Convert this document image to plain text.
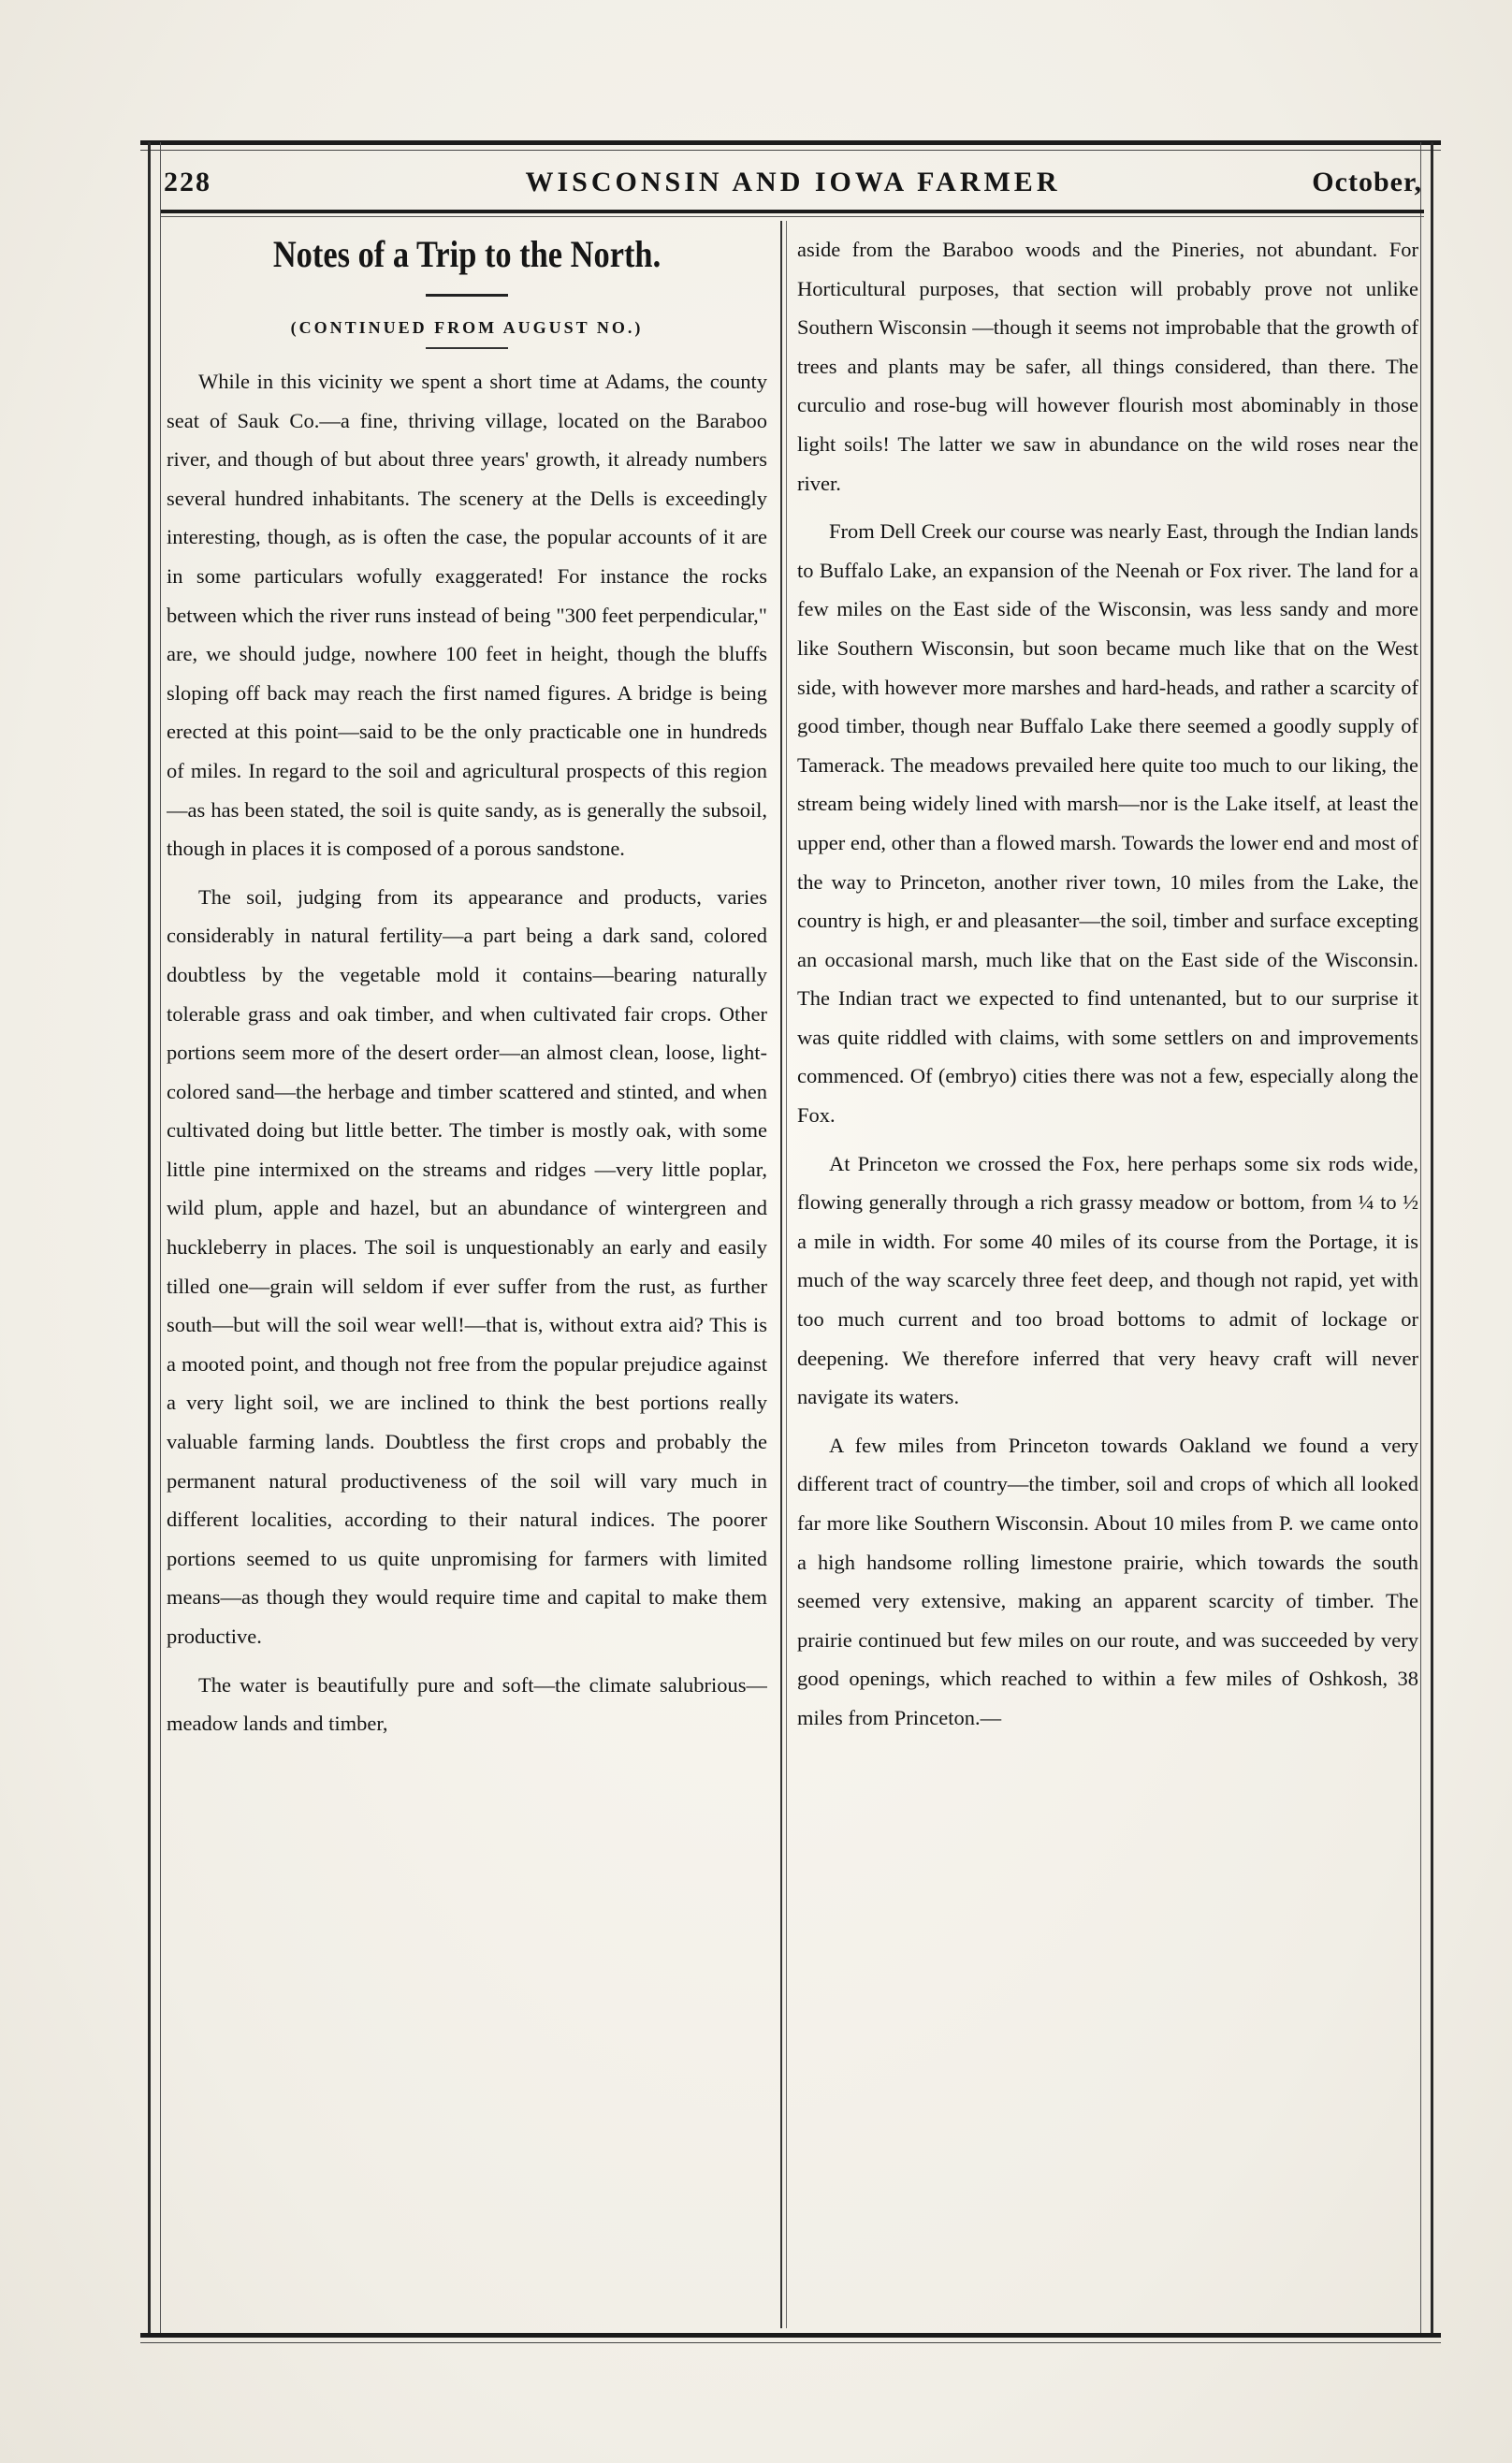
228	WISCONSIN AND IOWA FARMER	October,
Notes of a Trip to the North.
(CONTINUED FROM AUGUST NO.)

While in this vicinity we spent a short time at Adams, the county seat of Sauk Co.—a fine, thriving village, located on the Baraboo river, and though of but about three years' growth, it already numbers several hundred inhabitants. The scenery at the Dells is exceedingly interesting, though, as is often the case, the popular accounts of it are in some particulars wofully exaggerated! For instance the rocks between which the river runs instead of being "300 feet perpendicular," are, we should judge, nowhere 100 feet in height, though the bluffs sloping off back may reach the first named figures. A bridge is being erected at this point—said to be the only practicable one in hundreds of miles. In regard to the soil and agricultural prospects of this region —as has been stated, the soil is quite sandy, as is generally the subsoil, though in places it is composed of a porous sandstone.

The soil, judging from its appearance and products, varies considerably in natural fertility—a part being a dark sand, colored doubtless by the vegetable mold it contains—bearing naturally tolerable grass and oak timber, and when cultivated fair crops. Other portions seem more of the desert order—an almost clean, loose, light-colored sand—the herbage and timber scattered and stinted, and when cultivated doing but little better. The timber is mostly oak, with some little pine intermixed on the streams and ridges —very little poplar, wild plum, apple and hazel, but an abundance of wintergreen and huckleberry in places. The soil is unquestionably an early and easily tilled one—grain will seldom if ever suffer from the rust, as further south—but will the soil wear well!—that is, without extra aid? This is a mooted point, and though not free from the popular prejudice against a very light soil, we are inclined to think the best portions really valuable farming lands. Doubtless the first crops and probably the permanent natural productiveness of the soil will vary much in different localities, according to their natural indices. The poorer portions seemed to us quite unpromising for farmers with limited means—as though they would require time and capital to make them productive.

The water is beautifully pure and soft—the climate salubrious—meadow lands and timber,

aside from the Baraboo woods and the Pineries, not abundant. For Horticultural purposes, that section will probably prove not unlike Southern Wisconsin —though it seems not improbable that the growth of trees and plants may be safer, all things considered, than there. The curculio and rose-bug will however flourish most abominably in those light soils! The latter we saw in abundance on the wild roses near the river.

From Dell Creek our course was nearly East, through the Indian lands to Buffalo Lake, an expansion of the Neenah or Fox river. The land for a few miles on the East side of the Wisconsin, was less sandy and more like Southern Wisconsin, but soon became much like that on the West side, with however more marshes and hard-heads, and rather a scarcity of good timber, though near Buffalo Lake there seemed a goodly supply of Tamerack. The meadows prevailed here quite too much to our liking, the stream being widely lined with marsh—nor is the Lake itself, at least the upper end, other than a flowed marsh. Towards the lower end and most of the way to Princeton, another river town, 10 miles from the Lake, the country is high, er and pleasanter—the soil, timber and surface excepting an occasional marsh, much like that on the East side of the Wisconsin. The Indian tract we expected to find untenanted, but to our surprise it was quite riddled with claims, with some settlers on and improvements commenced. Of (embryo) cities there was not a few, especially along the Fox.

At Princeton we crossed the Fox, here perhaps some six rods wide, flowing generally through a rich grassy meadow or bottom, from ¼ to ½ a mile in width. For some 40 miles of its course from the Portage, it is much of the way scarcely three feet deep, and though not rapid, yet with too much current and too broad bottoms to admit of lockage or deepening. We therefore inferred that very heavy craft will never navigate its waters.

A few miles from Princeton towards Oakland we found a very different tract of country—the timber, soil and crops of which all looked far more like Southern Wisconsin. About 10 miles from P. we came onto a high handsome rolling limestone prairie, which towards the south seemed very extensive, making an apparent scarcity of timber. The prairie continued but few miles on our route, and was succeeded by very good openings, which reached to within a few miles of Oshkosh, 38 miles from Princeton.—
